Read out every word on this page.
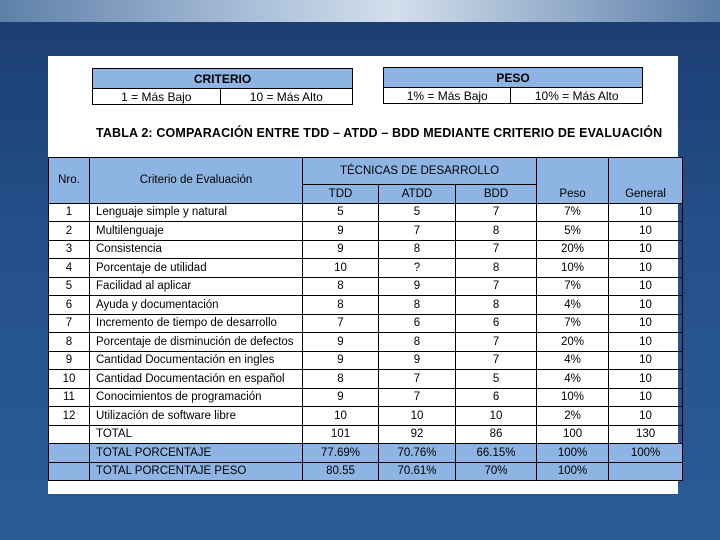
CRITERIO
1 = Más Bajo	10 = Más Alto
PESO
1% = Más Bajo	10% = Más Alto
TABLA 2: COMPARACIÓN ENTRE TDD – ATDD – BDD MEDIANTE CRITERIO DE EVALUACIÓN
Nro.	Criterio de Evaluación	TÉCNICAS DE DESARROLLO				
		TDD	ATDD	BDD	Peso	General
1	Lenguaje simple y natural	5	5	7	7%	10
2	Multilenguaje	9	7	8	5%	10
3	Consistencia	9	8	7	20%	10
4	Porcentaje de utilidad	10	?	8	10%	10
5	Facilidad al aplicar	8	9	7	7%	10
6	Ayuda y documentación	8	8	8	4%	10
7	Incremento de tiempo de desarrollo	7	6	6	7%	10
8	Porcentaje de disminución de defectos	9	8	7	20%	10
9	Cantidad Documentación en ingles	9	9	7	4%	10
10	Cantidad Documentación en español	8	7	5	4%	10
11	Conocimientos de programación	9	7	6	10%	10
12	Utilización de software libre	10	10	10	2%	10
	TOTAL	101	92	86	100	130
	TOTAL PORCENTAJE	77.69%	70.76%	66.15%	100%	100%
	TOTAL PORCENTAJE PESO	80.55	70.61%	70%	100%	
